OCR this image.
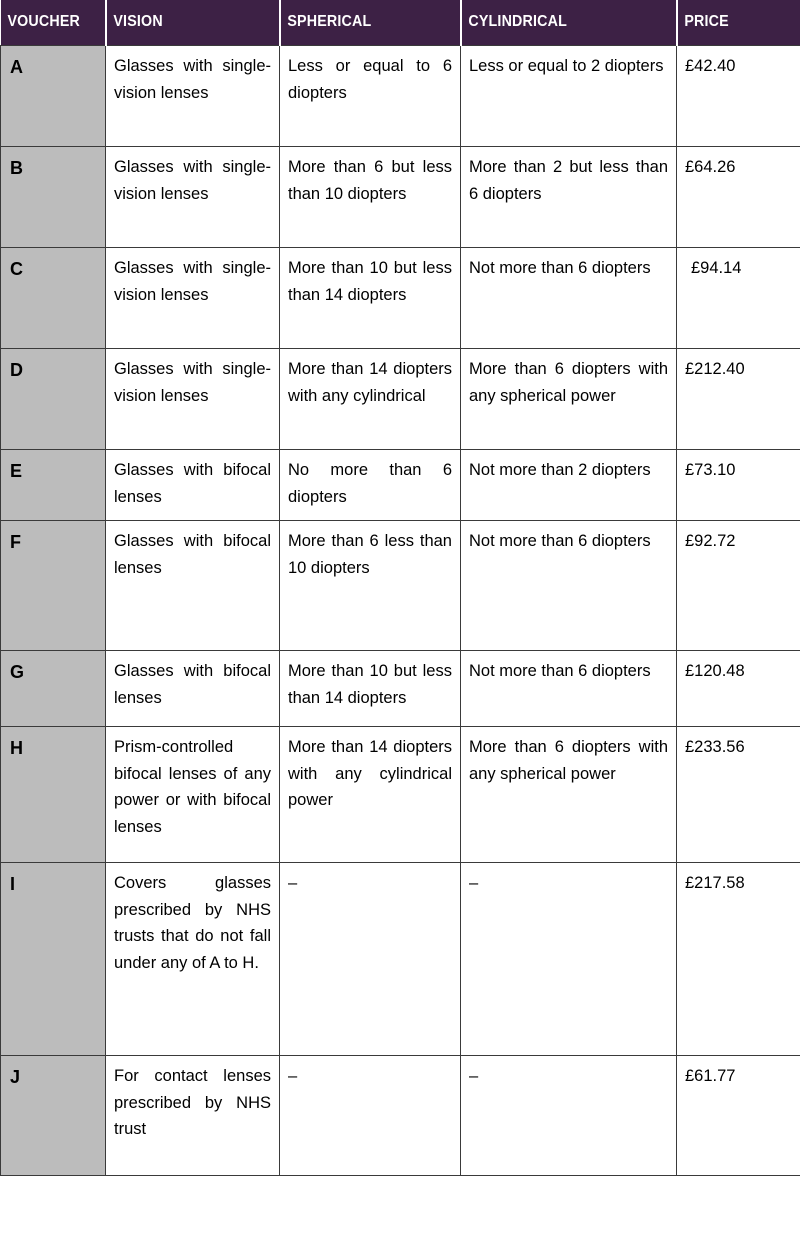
VOUCHER	VISION	SPHERICAL	CYLINDRICAL	PRICE
A	Glasses with single-vision lenses	Less or equal to 6 diopters	Less or equal to 2 diopters	£42.40
B	Glasses with single-vision lenses	More than 6 but less than 10 diopters	More than 2 but less than 6 diopters	£64.26
C	Glasses with single-vision lenses	More than 10 but less than 14 diopters	Not more than 6 diopters	£94.14
D	Glasses with single-vision lenses	More than 14 diopters with any cylindrical	More than 6 diopters with any spherical power	£212.40
E	Glasses with bifocal lenses	No more than 6 diopters	Not more than 2 diopters	£73.10
F	Glasses with bifocal lenses	More than 6 less than 10 diopters	Not more than 6 diopters	£92.72
G	Glasses with bifocal lenses	More than 10 but less than 14 diopters	Not more than 6 diopters	£120.48
H	Prism-controlled bifocal lenses of any power or with bifocal lenses	More than 14 diopters with any cylindrical power	More than 6 diopters with any spherical power	£233.56
I	Covers glasses prescribed by NHS trusts that do not fall under any of A to H.	–	–	£217.58
J	For contact lenses prescribed by NHS trust	–	–	£61.77
